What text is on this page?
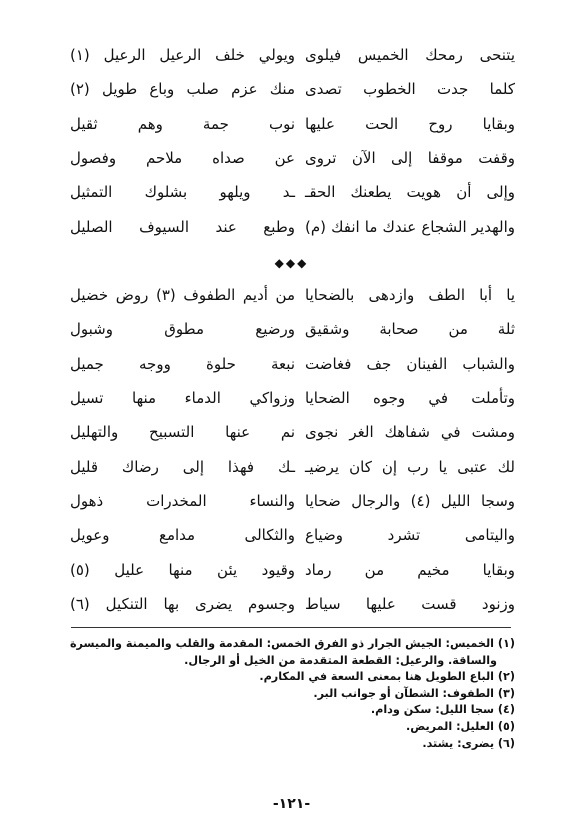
يتنحى رمحك الخميس فيلوى
ويولي خلف الرعيل الرعيل (١)
كلما جدت الخطوب تصدى
منك عزم صلب وباع طويل (٢)
وبقايا روح الحت عليها
نوب جمة وهم ثقيل
وقفت موقفا إلى الآن تروى
عن صداه ملاحم وفصول
وإلى أن هويت يطعنك الحقـ
ـد ويلهو بشلوك التمثيل
والهدير الشجاع عندك ما انفك (م)
وطبع عند السيوف الصليل
◆◆◆
يا أبا الطف وازدهى بالضحايا
من أديم الطفوف (٣) روض خضيل
ثلة من صحابة وشقيق
ورضيع مطوق وشبول
والشباب الفينان جف فغاضت
نبعة حلوة ووجه جميل
وتأملت في وجوه الضحايا
وزواكي الدماء منها تسيل
ومشت في شفاهك الغر نجوى
نم عنها التسبيح والتهليل
لك عتبى يا رب إن كان يرضيـ
ـك فهذا إلى رضاك قليل
وسجا الليل (٤) والرجال ضحايا
والنساء المخدرات ذهول
واليتامى تشرد وضياع
والثكالى مدامع وعويل
وبقايا مخيم من رماد
وقيود يئن منها عليل (٥)
وزنود قست عليها سياط
وجسوم يضرى بها التنكيل (٦)
(١) الخميس: الجيش الجرار ذو الفرق الخمس: المقدمة والقلب والميمنة والميسرة
والساقة. والرعيل: القطعة المتقدمة من الخيل أو الرجال.
(٢) الباع الطويل هنا بمعنى السعة في المكارم.
(٣) الطفوف: الشطآن أو جوانب البر.
(٤) سجا الليل: سكن ودام.
(٥) العليل: المريض.
(٦) يضرى: يشتد.
-١٢١-
